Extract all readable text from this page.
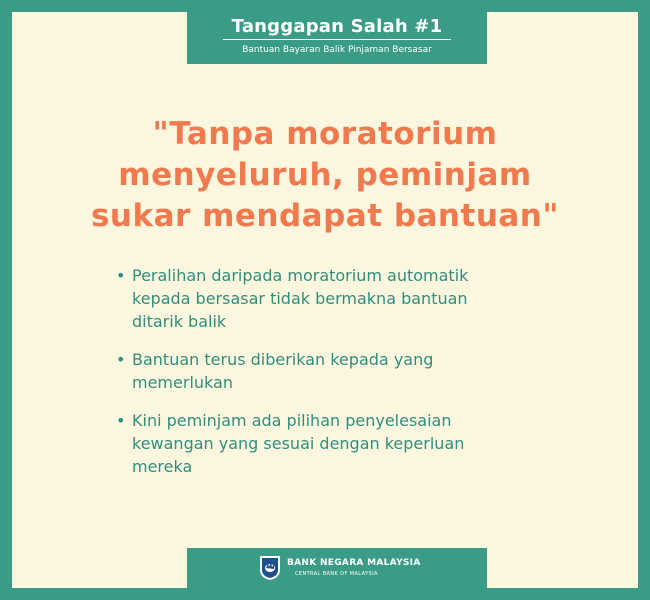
Tanggapan Salah #1
Bantuan Bayaran Balik Pinjaman Bersasar

"Tanpa moratorium
menyeluruh, peminjam
sukar mendapat bantuan"

• Peralihan daripada moratorium automatik
kepada bersasar tidak bermakna bantuan
ditarik balik
• Bantuan terus diberikan kepada yang
memerlukan
• Kini peminjam ada pilihan penyelesaian
kewangan yang sesuai dengan keperluan
mereka
BANK NEGARA MALAYSIA
CENTRAL BANK OF MALAYSIA
